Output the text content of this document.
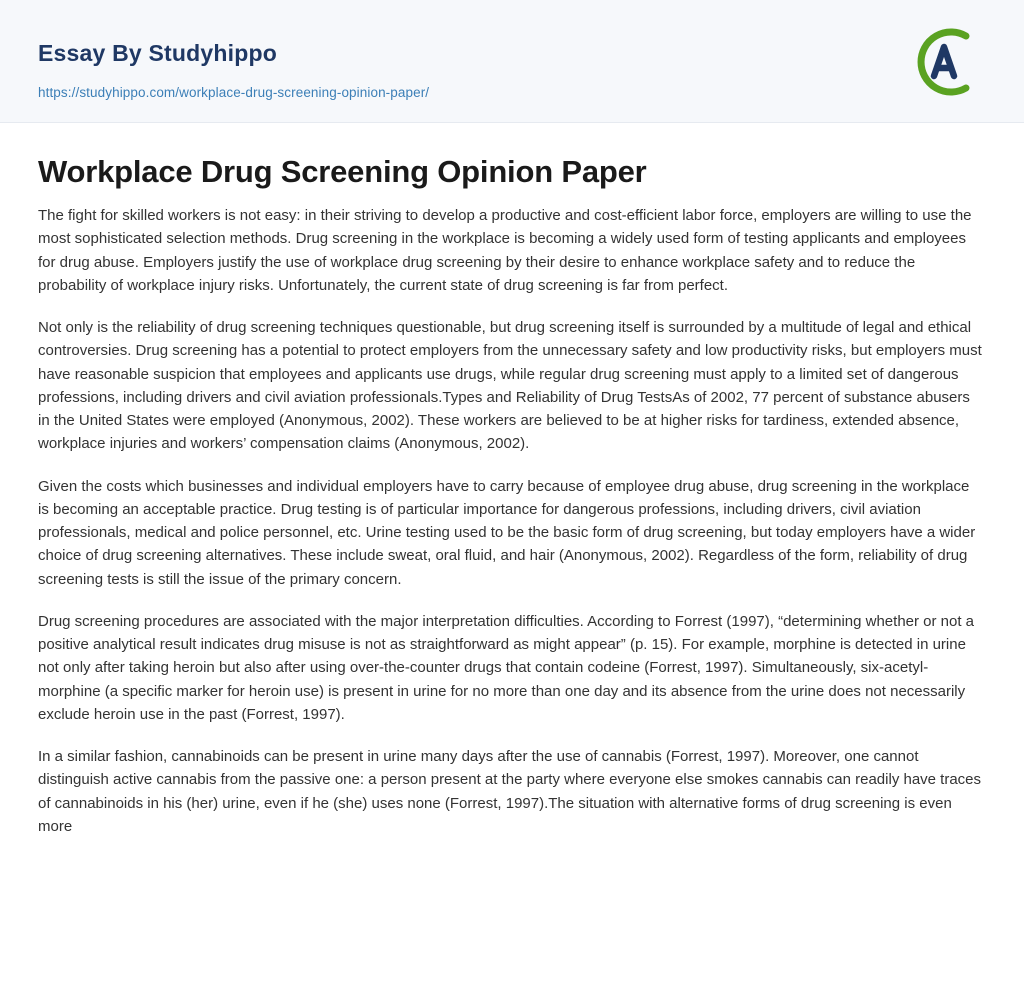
Essay By Studyhippo
https://studyhippo.com/workplace-drug-screening-opinion-paper/
Workplace Drug Screening Opinion Paper

The fight for skilled workers is not easy: in their striving to develop a productive and cost-efficient labor force, employers are willing to use the most sophisticated selection methods. Drug screening in the workplace is becoming a widely used form of testing applicants and employees for drug abuse. Employers justify the use of workplace drug screening by their desire to enhance workplace safety and to reduce the probability of workplace injury risks. Unfortunately, the current state of drug screening is far from perfect.

Not only is the reliability of drug screening techniques questionable, but drug screening itself is surrounded by a multitude of legal and ethical controversies. Drug screening has a potential to protect employers from the unnecessary safety and low productivity risks, but employers must have reasonable suspicion that employees and applicants use drugs, while regular drug screening must apply to a limited set of dangerous professions, including drivers and civil aviation professionals.Types and Reliability of Drug TestsAs of 2002, 77 percent of substance abusers in the United States were employed (Anonymous, 2002). These workers are believed to be at higher risks for tardiness, extended absence, workplace injuries and workers’ compensation claims (Anonymous, 2002).

Given the costs which businesses and individual employers have to carry because of employee drug abuse, drug screening in the workplace is becoming an acceptable practice. Drug testing is of particular importance for dangerous professions, including drivers, civil aviation professionals, medical and police personnel, etc. Urine testing used to be the basic form of drug screening, but today employers have a wider choice of drug screening alternatives. These include sweat, oral fluid, and hair (Anonymous, 2002). Regardless of the form, reliability of drug screening tests is still the issue of the primary concern.

Drug screening procedures are associated with the major interpretation difficulties. According to Forrest (1997), “determining whether or not a positive analytical result indicates drug misuse is not as straightforward as might appear” (p. 15). For example, morphine is detected in urine not only after taking heroin but also after using over-the-counter drugs that contain codeine (Forrest, 1997). Simultaneously, six-acetyl-morphine (a specific marker for heroin use) is present in urine for no more than one day and its absence from the urine does not necessarily exclude heroin use in the past (Forrest, 1997).

In a similar fashion, cannabinoids can be present in urine many days after the use of cannabis (Forrest, 1997). Moreover, one cannot distinguish active cannabis from the passive one: a person present at the party where everyone else smokes cannabis can readily have traces of cannabinoids in his (her) urine, even if he (she) uses none (Forrest, 1997).The situation with alternative forms of drug screening is even more
